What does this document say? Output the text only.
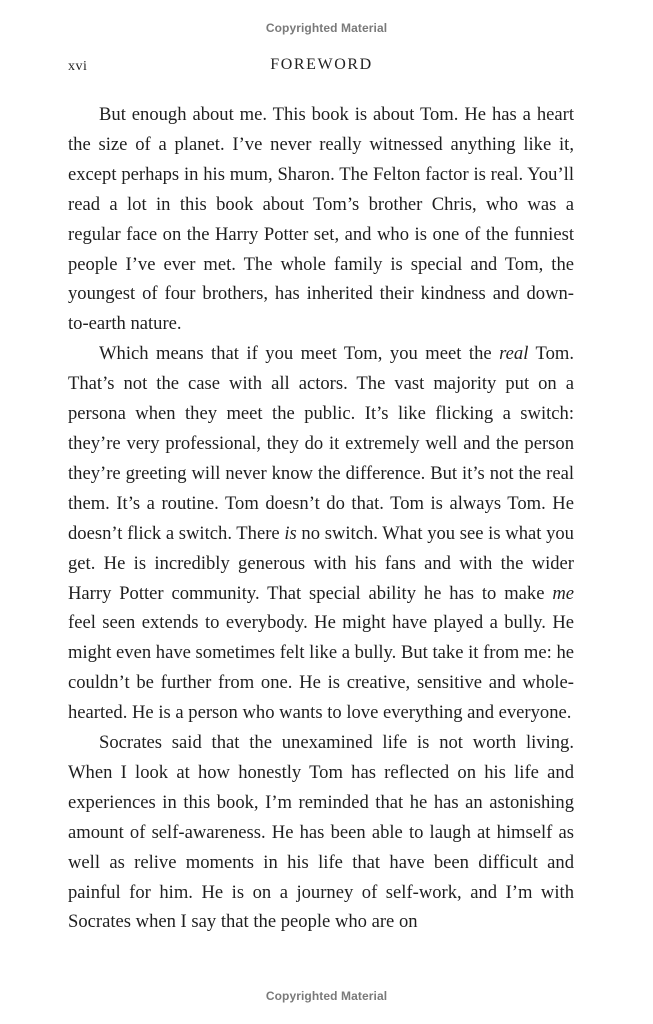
Copyrighted Material
xvi	FOREWORD

But enough about me. This book is about Tom. He has a heart the size of a planet. I’ve never really witnessed anything like it, except perhaps in his mum, Sharon. The Felton factor is real. You’ll read a lot in this book about Tom’s brother Chris, who was a regular face on the Harry Potter set, and who is one of the funniest people I’ve ever met. The whole family is special and Tom, the youngest of four brothers, has inherited their kindness and down-to-earth nature.

Which means that if you meet Tom, you meet the real Tom. That’s not the case with all actors. The vast majority put on a persona when they meet the public. It’s like flicking a switch: they’re very professional, they do it extremely well and the person they’re greeting will never know the difference. But it’s not the real them. It’s a routine. Tom doesn’t do that. Tom is always Tom. He doesn’t flick a switch. There is no switch. What you see is what you get. He is incredibly generous with his fans and with the wider Harry Potter community. That special ability he has to make me feel seen extends to everybody. He might have played a bully. He might even have sometimes felt like a bully. But take it from me: he couldn’t be further from one. He is creative, sensitive and whole-hearted. He is a person who wants to love everything and everyone.

Socrates said that the unexamined life is not worth living. When I look at how honestly Tom has reflected on his life and experiences in this book, I’m reminded that he has an astonishing amount of self-awareness. He has been able to laugh at himself as well as relive moments in his life that have been difficult and painful for him. He is on a journey of self-work, and I’m with Socrates when I say that the people who are on

Copyrighted Material
